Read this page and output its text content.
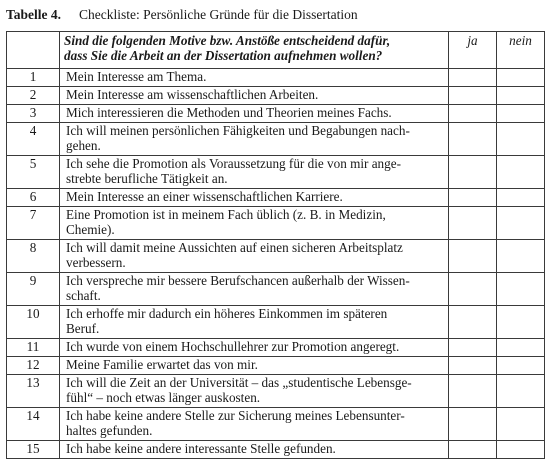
Tabelle 4. Checkliste: Persönliche Gründe für die Dissertation
	Sind die folgenden Motive bzw. Anstöße entscheidend dafür,
dass Sie die Arbeit an der Dissertation aufnehmen wollen?	ja	nein
1	Mein Interesse am Thema.		
2	Mein Interesse am wissenschaftlichen Arbeiten.		
3	Mich interessieren die Methoden und Theorien meines Fachs.		
4	Ich will meinen persönlichen Fähigkeiten und Begabungen nach-
gehen.		
5	Ich sehe die Promotion als Voraussetzung für die von mir ange-
strebte berufliche Tätigkeit an.		
6	Mein Interesse an einer wissenschaftlichen Karriere.		
7	Eine Promotion ist in meinem Fach üblich (z. B. in Medizin,
Chemie).		
8	Ich will damit meine Aussichten auf einen sicheren Arbeitsplatz
verbessern.		
9	Ich verspreche mir bessere Berufschancen außerhalb der Wissen-
schaft.		
10	Ich erhoffe mir dadurch ein höheres Einkommen im späteren
Beruf.		
11	Ich wurde von einem Hochschullehrer zur Promotion angeregt.		
12	Meine Familie erwartet das von mir.		
13	Ich will die Zeit an der Universität – das „studentische Lebensge-
fühl“ – noch etwas länger auskosten.		
14	Ich habe keine andere Stelle zur Sicherung meines Lebensunter-
haltes gefunden.		
15	Ich habe keine andere interessante Stelle gefunden.		
